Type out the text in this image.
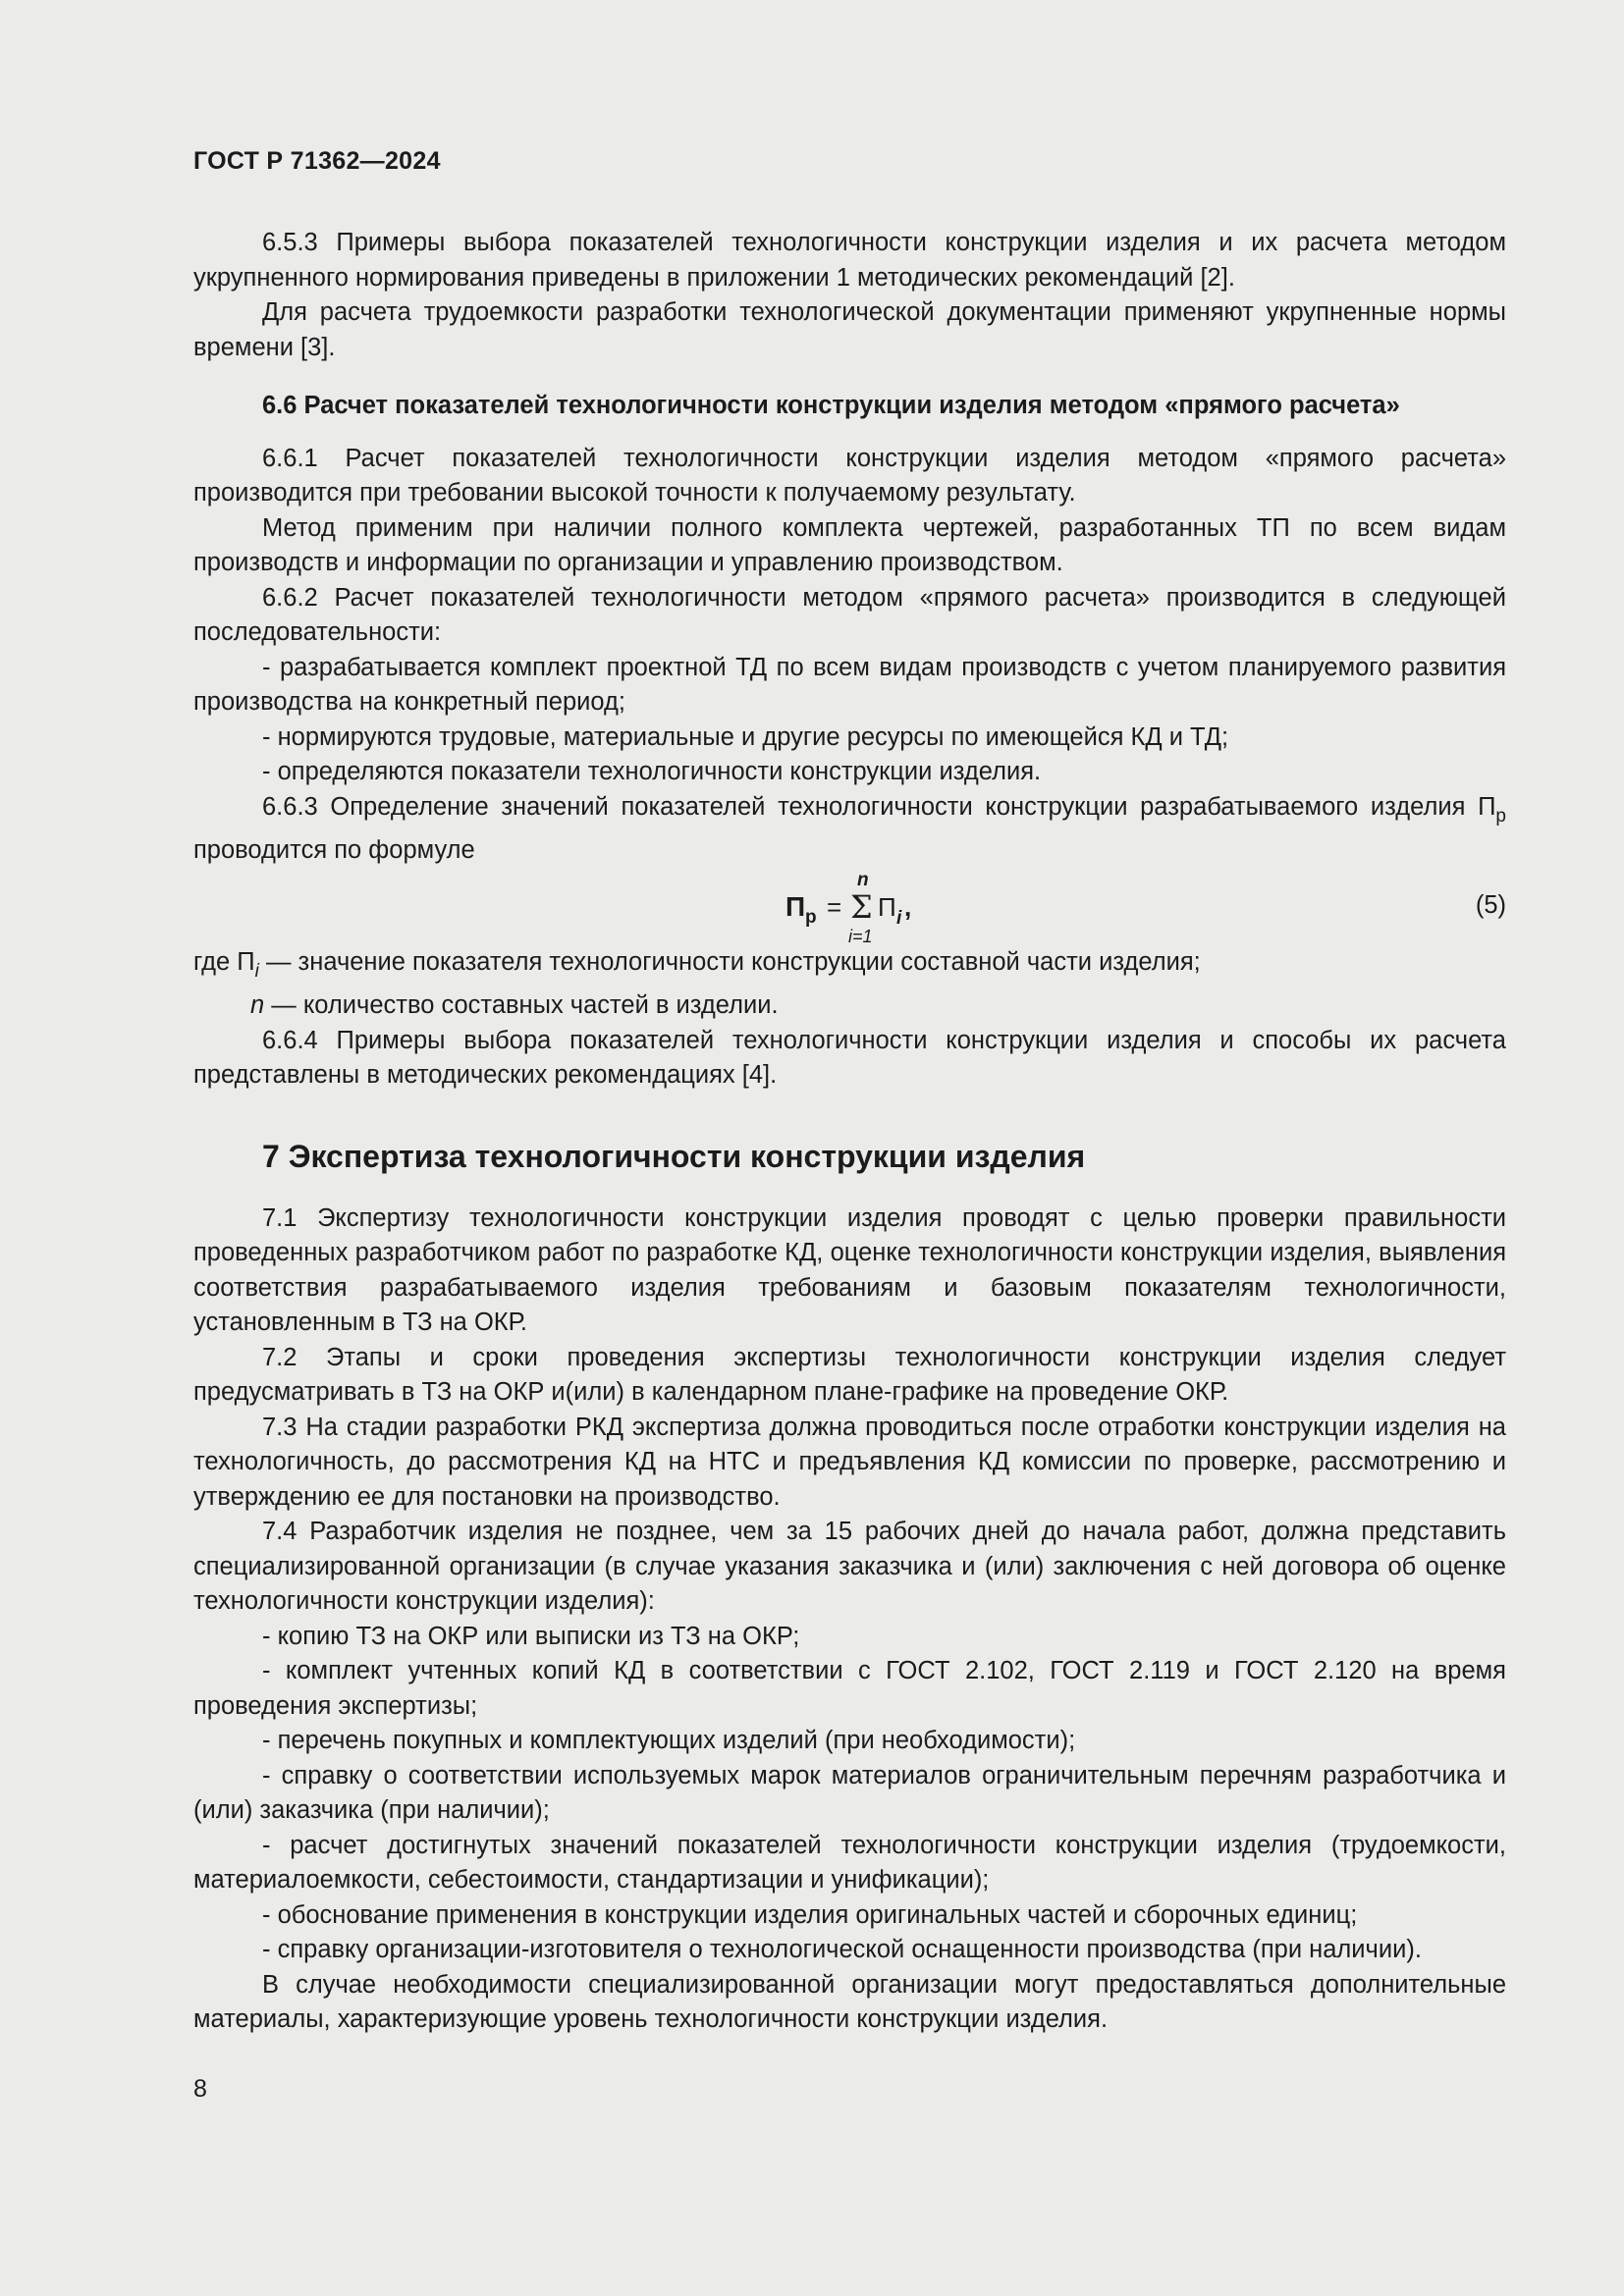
ГОСТ Р 71362—2024

6.5.3 Примеры выбора показателей технологичности конструкции изделия и их расчета методом укрупненного нормирования приведены в приложении 1 методических рекомендаций [2].

Для расчета трудоемкости разработки технологической документации применяют укрупненные нормы времени [3].

6.6 Расчет показателей технологичности конструкции изделия методом «прямого расчета»

6.6.1 Расчет показателей технологичности конструкции изделия методом «прямого расчета» производится при требовании высокой точности к получаемому результату.

Метод применим при наличии полного комплекта чертежей, разработанных ТП по всем видам производств и информации по организации и управлению производством.

6.6.2 Расчет показателей технологичности методом «прямого расчета» производится в следующей последовательности:

- разрабатывается комплект проектной ТД по всем видам производств с учетом планируемого развития производства на конкретный период;

- нормируются трудовые, материальные и другие ресурсы по имеющейся КД и ТД;

- определяются показатели технологичности конструкции изделия.

6.6.3 Определение значений показателей технологичности конструкции разрабатываемого изделия $П_р$ проводится по формуле

П р =
n
Σ
i=1
П i ,	(5)

где $П_i$ — значение показателя технологичности конструкции составной части изделия;

n — количество составных частей в изделии.

6.6.4 Примеры выбора показателей технологичности конструкции изделия и способы их расчета представлены в методических рекомендациях [4].

7 Экспертиза технологичности конструкции изделия

7.1 Экспертизу технологичности конструкции изделия проводят с целью проверки правильности проведенных разработчиком работ по разработке КД, оценке технологичности конструкции изделия, выявления соответствия разрабатываемого изделия требованиям и базовым показателям технологичности, установленным в ТЗ на ОКР.

7.2 Этапы и сроки проведения экспертизы технологичности конструкции изделия следует предусматривать в ТЗ на ОКР и(или) в календарном плане-графике на проведение ОКР.

7.3 На стадии разработки РКД экспертиза должна проводиться после отработки конструкции изделия на технологичность, до рассмотрения КД на НТС и предъявления КД комиссии по проверке, рассмотрению и утверждению ее для постановки на производство.

7.4 Разработчик изделия не позднее, чем за 15 рабочих дней до начала работ, должна представить специализированной организации (в случае указания заказчика и (или) заключения с ней договора об оценке технологичности конструкции изделия):

- копию ТЗ на ОКР или выписки из ТЗ на ОКР;

- комплект учтенных копий КД в соответствии с ГОСТ 2.102, ГОСТ 2.119 и ГОСТ 2.120 на время проведения экспертизы;

- перечень покупных и комплектующих изделий (при необходимости);

- справку о соответствии используемых марок материалов ограничительным перечням разработчика и (или) заказчика (при наличии);

- расчет достигнутых значений показателей технологичности конструкции изделия (трудоемкости, материалоемкости, себестоимости, стандартизации и унификации);

- обоснование применения в конструкции изделия оригинальных частей и сборочных единиц;

- справку организации-изготовителя о технологической оснащенности производства (при наличии).

В случае необходимости специализированной организации могут предоставляться дополнительные материалы, характеризующие уровень технологичности конструкции изделия.

8
